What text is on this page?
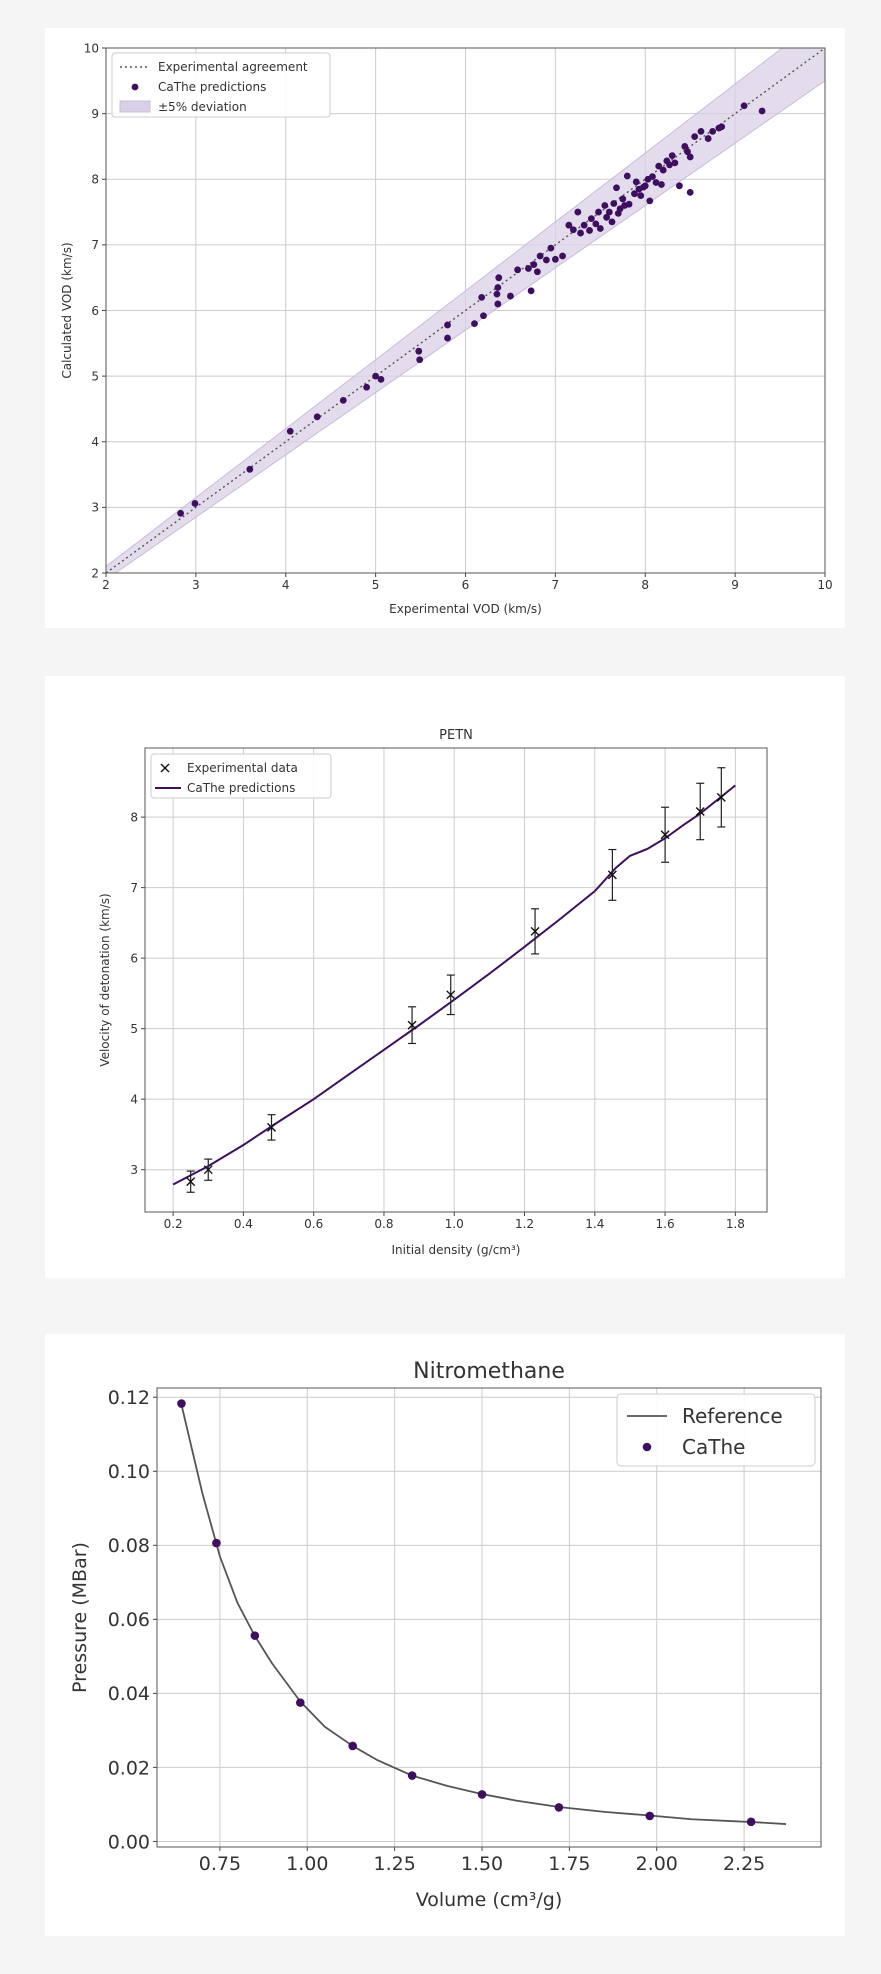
2	3	4	5	6	7	8	9	10
2
3
4
5
6
7
8
9
10
Experimental VOD (km/s)
Calculated VOD (km/s)
Experimental agreement
CaThe predictions
±5% deviation
0.2	0.4	0.6	0.8	1.0	1.2	1.4	1.6	1.8
3
4
5
6
7
8
Initial density (g/cm³)
Velocity of detonation (km/s)
PETN
Experimental data
CaThe predictions
0.75 1.00 1.25 1.50 1.75 2.00 2.25
0.00
0.02
0.04
0.06
0.08
0.10
0.12
Volume (cm³/g)
Pressure (MBar)
Nitromethane
Reference
CaThe
